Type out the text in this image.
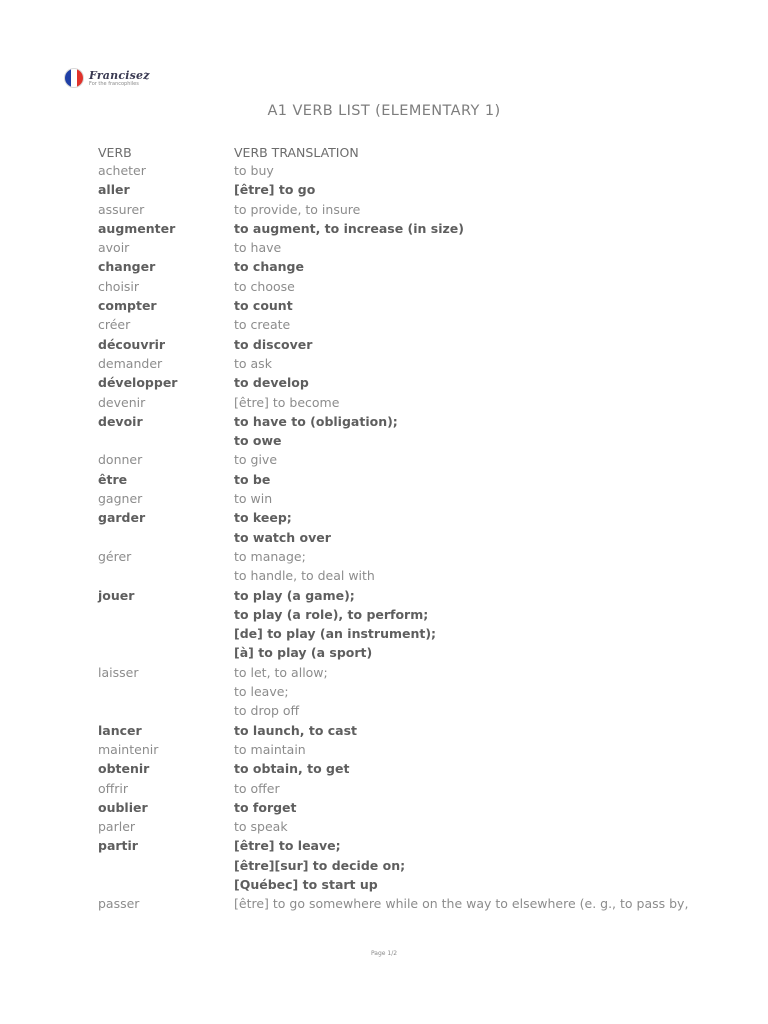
Francisez
For the francophiles
A1 VERB LIST (ELEMENTARY 1)
VERB	VERB TRANSLATION
acheter	to buy
aller	[être] to go
assurer	to provide, to insure
augmenter	to augment, to increase (in size)
avoir	to have
changer	to change
choisir	to choose
compter	to count
créer	to create
découvrir	to discover
demander	to ask
développer	to develop
devenir	[être] to become
devoir	to have to (obligation);
to owe
donner	to give
être	to be
gagner	to win
garder	to keep;
to watch over
gérer	to manage;
to handle, to deal with
jouer	to play (a game);
to play (a role), to perform;
[de] to play (an instrument);
[à] to play (a sport)
laisser	to let, to allow;
to leave;
to drop off
lancer	to launch, to cast
maintenir	to maintain
obtenir	to obtain, to get
offrir	to offer
oublier	to forget
parler	to speak
partir	[être] to leave;
[être][sur] to decide on;
[Québec] to start up
passer	[être] to go somewhere while on the way to elsewhere (e. g., to pass by,
Page 1/2
